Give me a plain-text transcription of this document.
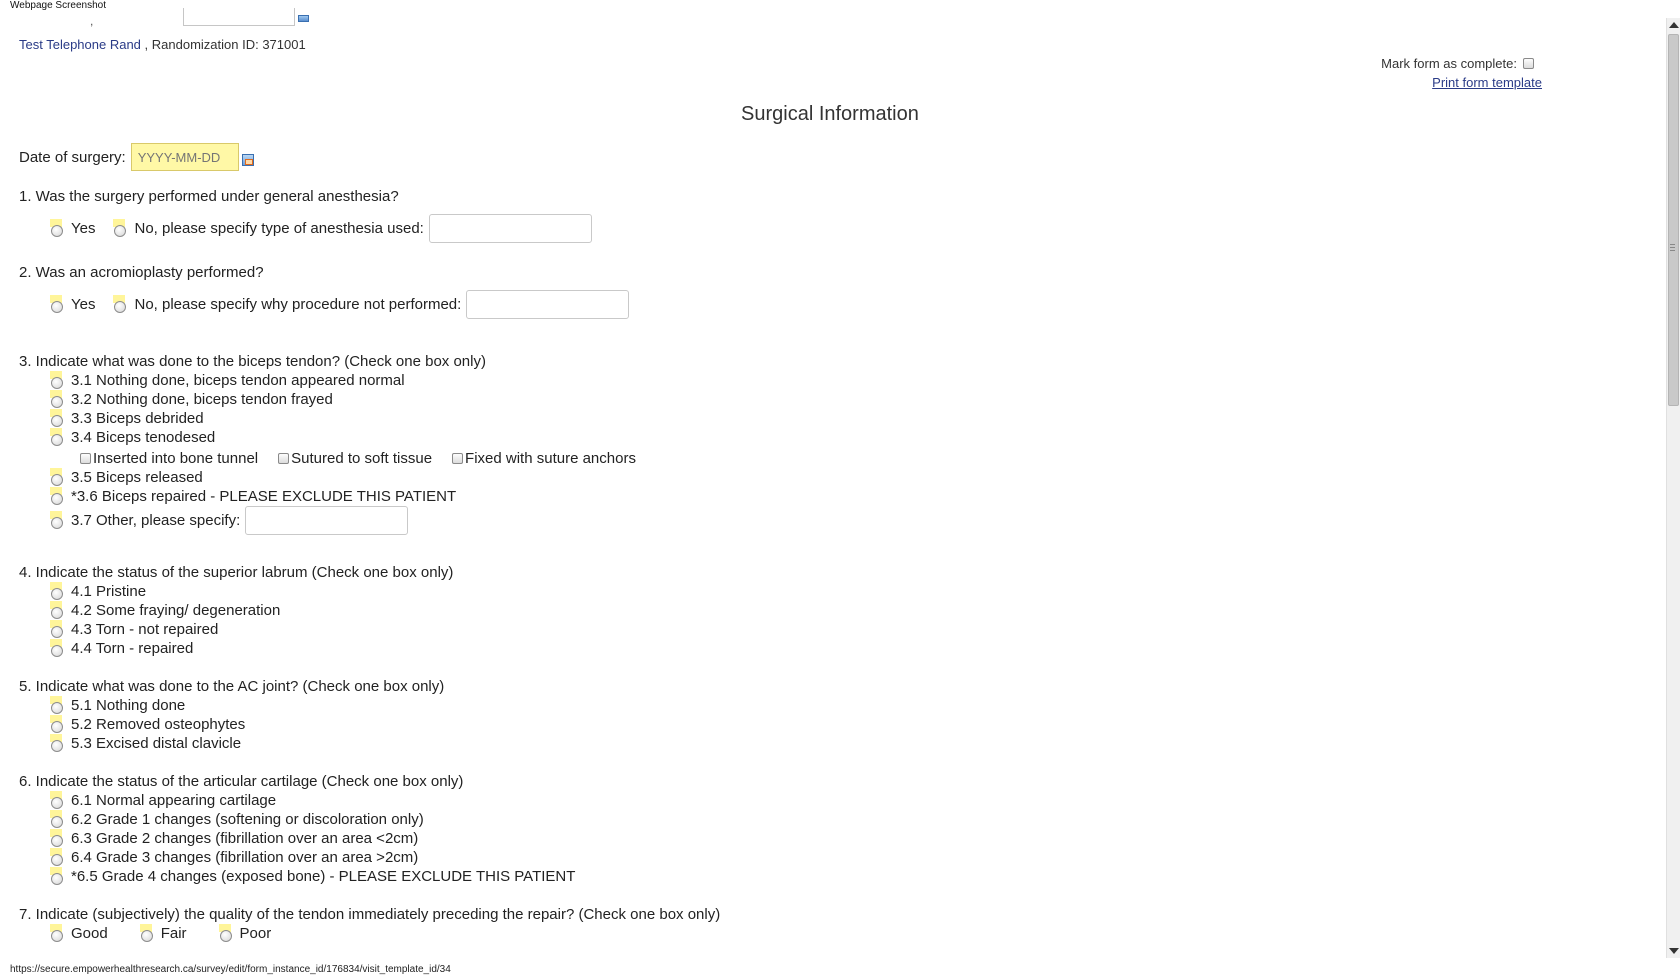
Webpage Screenshot
,
Test Telephone Rand , Randomization ID: 371001
Mark form as complete:
Print form template
Surgical Information
Date of surgery:
YYYY-MM-DD
1. Was the surgery performed under general anesthesia?
Yes	No, please specify type of anesthesia used:
2. Was an acromioplasty performed?
Yes	No, please specify why procedure not performed:
3. Indicate what was done to the biceps tendon? (Check one box only)
3.1 Nothing done, biceps tendon appeared normal
3.2 Nothing done, biceps tendon frayed
3.3 Biceps debrided
3.4 Biceps tenodesed
Inserted into bone tunnel Sutured to soft tissue Fixed with suture anchors
3.5 Biceps released
*3.6 Biceps repaired - PLEASE EXCLUDE THIS PATIENT
3.7 Other, please specify:
4. Indicate the status of the superior labrum (Check one box only)
4.1 Pristine
4.2 Some fraying/ degeneration
4.3 Torn - not repaired
4.4 Torn - repaired
5. Indicate what was done to the AC joint? (Check one box only)
5.1 Nothing done
5.2 Removed osteophytes
5.3 Excised distal clavicle
6. Indicate the status of the articular cartilage (Check one box only)
6.1 Normal appearing cartilage
6.2 Grade 1 changes (softening or discoloration only)
6.3 Grade 2 changes (fibrillation over an area <2cm)
6.4 Grade 3 changes (fibrillation over an area >2cm)
*6.5 Grade 4 changes (exposed bone) - PLEASE EXCLUDE THIS PATIENT
7. Indicate (subjectively) the quality of the tendon immediately preceding the repair? (Check one box only)
Good	Fair	Poor
https://secure.empowerhealthresearch.ca/survey/edit/form_instance_id/176834/visit_template_id/34
